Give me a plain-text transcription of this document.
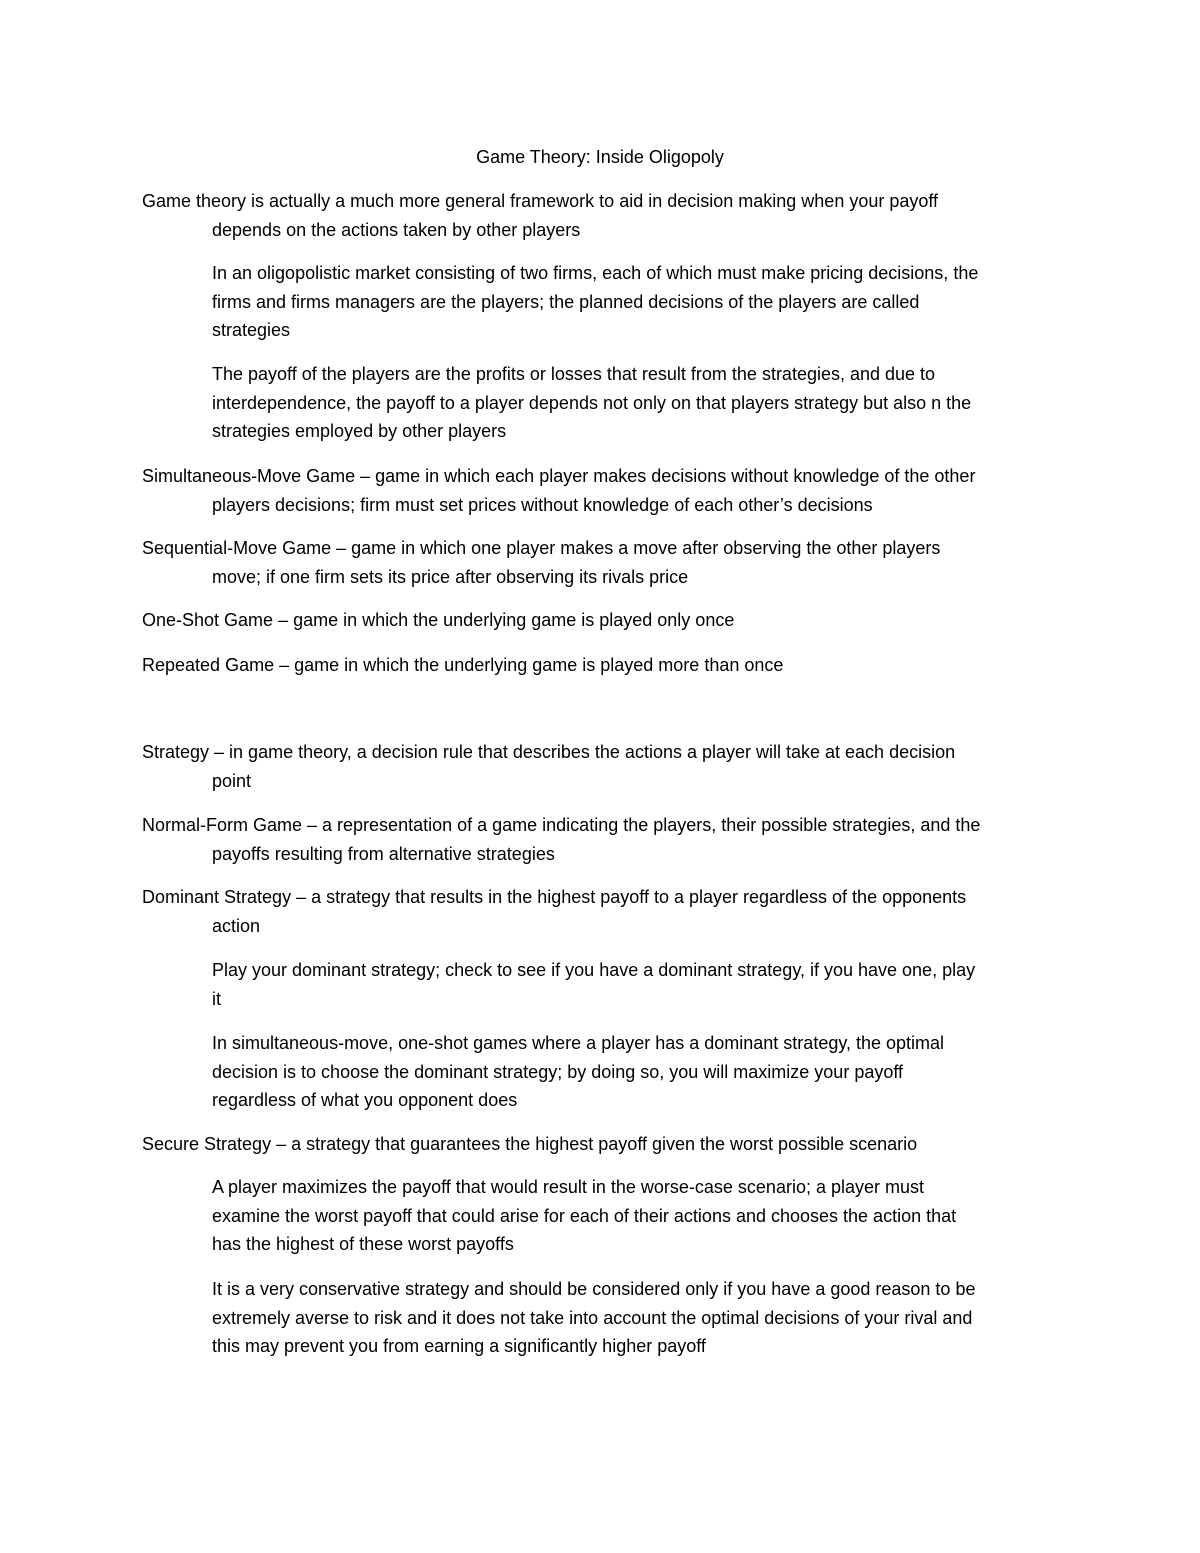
Game Theory: Inside Oligopoly

Game theory is actually a much more general framework to aid in decision making when your payoff
depends on the actions taken by other players

In an oligopolistic market consisting of two firms, each of which must make pricing decisions, the
firms and firms managers are the players; the planned decisions of the players are called
strategies

The payoff of the players are the profits or losses that result from the strategies, and due to
interdependence, the payoff to a player depends not only on that players strategy but also n the
strategies employed by other players

Simultaneous-Move Game – game in which each player makes decisions without knowledge of the other
players decisions; firm must set prices without knowledge of each other’s decisions

Sequential-Move Game – game in which one player makes a move after observing the other players
move; if one firm sets its price after observing its rivals price

One-Shot Game – game in which the underlying game is played only once

Repeated Game – game in which the underlying game is played more than once

Strategy – in game theory, a decision rule that describes the actions a player will take at each decision
point

Normal-Form Game – a representation of a game indicating the players, their possible strategies, and the
payoffs resulting from alternative strategies

Dominant Strategy – a strategy that results in the highest payoff to a player regardless of the opponents
action

Play your dominant strategy; check to see if you have a dominant strategy, if you have one, play
it

In simultaneous-move, one-shot games where a player has a dominant strategy, the optimal
decision is to choose the dominant strategy; by doing so, you will maximize your payoff
regardless of what you opponent does

Secure Strategy – a strategy that guarantees the highest payoff given the worst possible scenario

A player maximizes the payoff that would result in the worse-case scenario; a player must
examine the worst payoff that could arise for each of their actions and chooses the action that
has the highest of these worst payoffs

It is a very conservative strategy and should be considered only if you have a good reason to be
extremely averse to risk and it does not take into account the optimal decisions of your rival and
this may prevent you from earning a significantly higher payoff
